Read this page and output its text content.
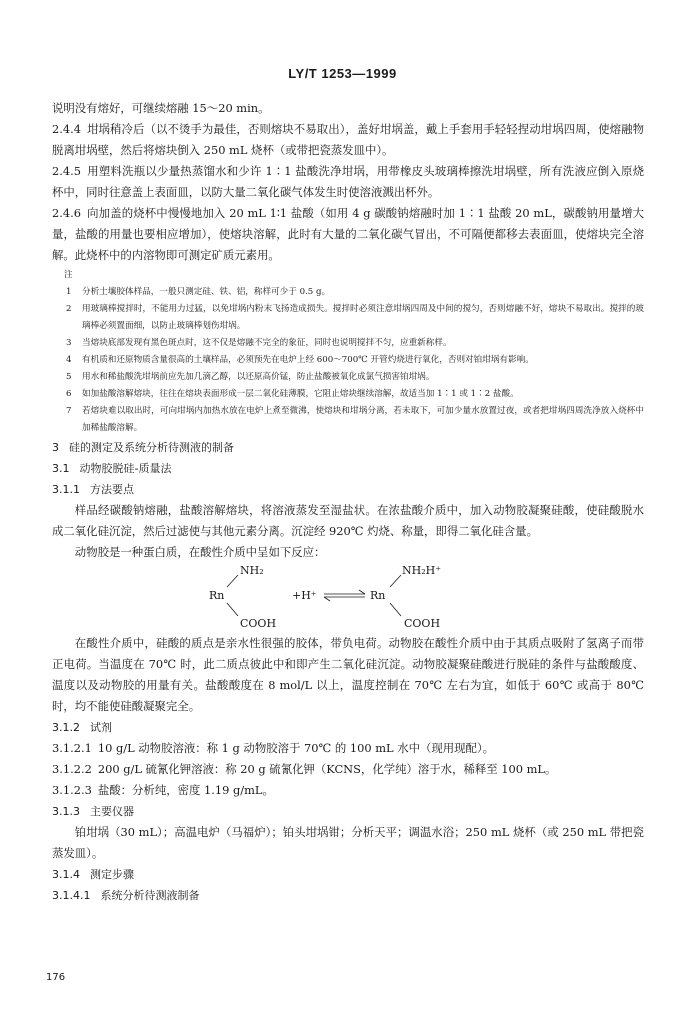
LY/T 1253—1999

说明没有熔好，可继续熔融 15～20 min。

2.4.4 坩埚稍冷后（以不烫手为最佳，否则熔块不易取出），盖好坩埚盖，戴上手套用手轻轻捏动坩埚四周，使熔融物脱离坩埚壁，然后将熔块倒入 250 mL 烧杯（或带把瓷蒸发皿中）。

2.4.5 用塑料洗瓶以少量热蒸馏水和少许 1∶1 盐酸洗净坩埚，用带橡皮头玻璃棒擦洗坩埚壁，所有洗液应倒入原烧杯中，同时往意盖上表面皿，以防大量二氧化碳气体发生时使溶液溅出杯外。

2.4.6 向加盖的烧杯中慢慢地加入 20 mL 1∶1 盐酸（如用 4 g 碳酸钠熔融时加 1∶1 盐酸 20 mL，碳酸钠用量增大量，盐酸的用量也要相应增加），使熔块溶解，此时有大量的二氧化碳气冒出，不可隔便都移去表面皿，使熔块完全溶解。此烧杯中的内溶物即可测定矿质元素用。

注
1	分析土壤胶体样品，一般只测定硅、铁、铝，称样可少于 0.5 g。
2	用玻璃棒搅拌时，不能用力过猛，以免坩埚内粉末飞扬造成损失。搅拌时必须注意坩埚四周及中间的搅匀，否则熔融不好，熔块不易取出。搅拌的玻璃棒必须置面细，以防止玻璃棒划伤坩埚。
3	当熔块底部发现有黑色斑点时，这不仅是熔融不完全的象征，同时也说明搅拌不匀，应重新称样。
4	有机质和还原物质含量很高的土壤样品，必须预先在电炉上经 600～700℃ 开管灼烧进行氧化，否则对铂坩埚有影响。
5	用水和稀盐酸洗坩埚前应先加几滴乙醇，以还原高价锰，防止盐酸被氧化成氯气损害铂坩埚。
6	如加盐酸溶解熔块，往往在熔块表面形成一层二氧化硅薄膜，它阻止熔块继续溶解，故适当加 1∶1 或 1∶2 盐酸。
7	若熔块难以取出时，可向坩埚内加热水放在电炉上煮至微沸，使熔块和坩埚分离，若未取下，可加少量水放置过夜，或者把坩埚四周洗净放入烧杯中加稀盐酸溶解。

3 硅的测定及系统分析待测液的制备

3.1 动物胶脱硅-质量法

3.1.1 方法要点

样品经碳酸钠熔融，盐酸溶解熔块，将溶液蒸发至湿盐状。在浓盐酸介质中，加入动物胶凝聚硅酸，使硅酸脱水成二氧化硅沉淀，然后过滤使与其他元素分离。沉淀经 920℃ 灼烧、称量，即得二氧化硅含量。

动物胶是一种蛋白质，在酸性介质中呈如下反应：

NH₂
Rn
COOH
+H⁺
NH₂H⁺
Rn
COOH

在酸性介质中，硅酸的质点是亲水性很强的胶体，带负电荷。动物胶在酸性介质中由于其质点吸附了氢离子而带正电荷。当温度在 70℃ 时，此二质点彼此中和即产生二氧化硅沉淀。动物胶凝聚硅酸进行脱硅的条件与盐酸酸度、温度以及动物胶的用量有关。盐酸酸度在 8 mol/L 以上，温度控制在 70℃ 左右为宜，如低于 60℃ 或高于 80℃ 时，均不能使硅酸凝聚完全。

3.1.2 试剂

3.1.2.1 10 g/L 动物胶溶液：称 1 g 动物胶溶于 70℃ 的 100 mL 水中（现用现配）。

3.1.2.2 200 g/L 硫氰化钾溶液：称 20 g 硫氰化钾（KCNS，化学纯）溶于水，稀释至 100 mL。

3.1.2.3 盐酸：分析纯，密度 1.19 g/mL。

3.1.3 主要仪器

铂坩埚（30 mL）；高温电炉（马福炉）；铂头坩埚钳；分析天平；调温水浴；250 mL 烧杯（或 250 mL 带把瓷蒸发皿）。

3.1.4 测定步骤

3.1.4.1 系统分析待测液制备

176
